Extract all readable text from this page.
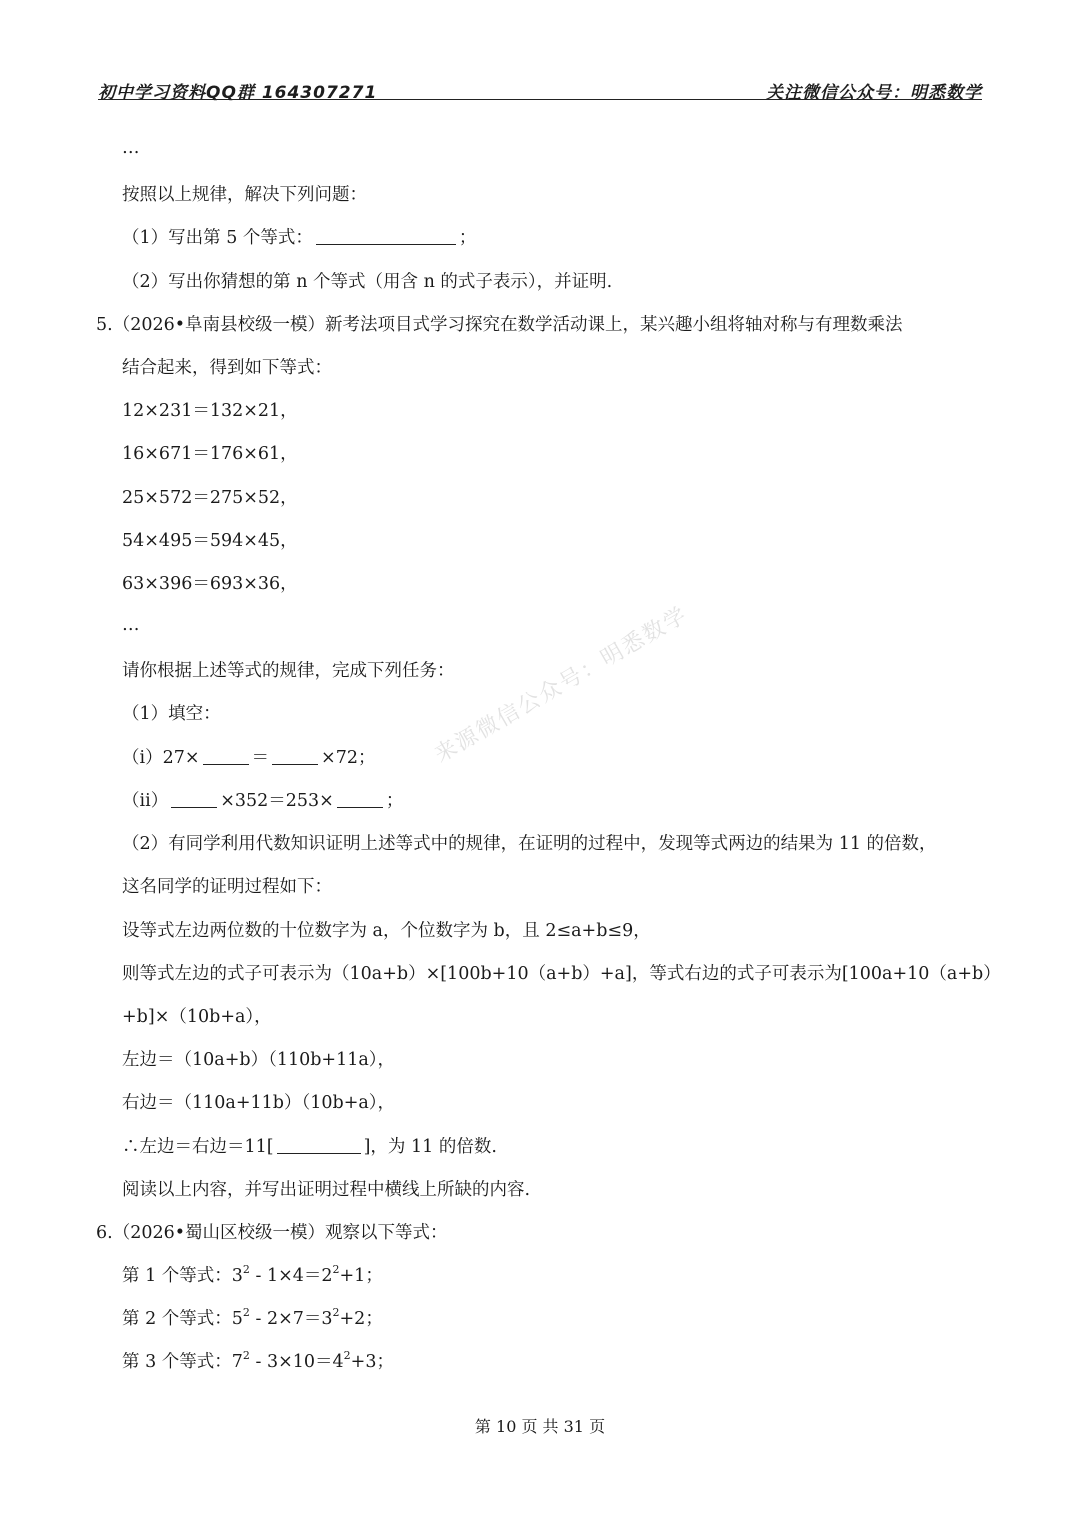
初中学习资料QQ群 164307271	关注微信公众号：明悉数学
来源微信公众号：明悉数学
…
按照以上规律，解决下列问题：
（1）写出第 5 个等式：	；
（2）写出你猜想的第 n 个等式（用含 n 的式子表示），并证明.
5.（2026•阜南县校级一模）新考法项目式学习探究在数学活动课上，某兴趣小组将轴对称与有理数乘法
结合起来，得到如下等式：
12×231＝132×21，
16×671＝176×61，
25×572＝275×52，
54×495＝594×45，
63×396＝693×36，
…
请你根据上述等式的规律，完成下列任务：
（1）填空：
（i）27×	＝	×72；
（ii）	×352＝253×	；
（2）有同学利用代数知识证明上述等式中的规律，在证明的过程中，发现等式两边的结果为 11 的倍数，
这名同学的证明过程如下：
设等式左边两位数的十位数字为 a，个位数字为 b，且 2≤a+b≤9，
则等式左边的式子可表示为（10a+b）×[100b+10（a+b）+a]，等式右边的式子可表示为[100a+10（a+b）
+b]×（10b+a），
左边＝（10a+b）（110b+11a），
右边＝（110a+11b）（10b+a），
∴左边＝右边＝11[	]，为 11 的倍数.
阅读以上内容，并写出证明过程中横线上所缺的内容.
6.（2026•蜀山区校级一模）观察以下等式：
第 1 个等式：$3^2 - 1\times 4=2^2+1$；
第 2 个等式：$5^2 - 2\times 7=3^2+2$；
第 3 个等式：$7^2 - 3\times 10=4^2+3$；
第 10 页 共 31 页
